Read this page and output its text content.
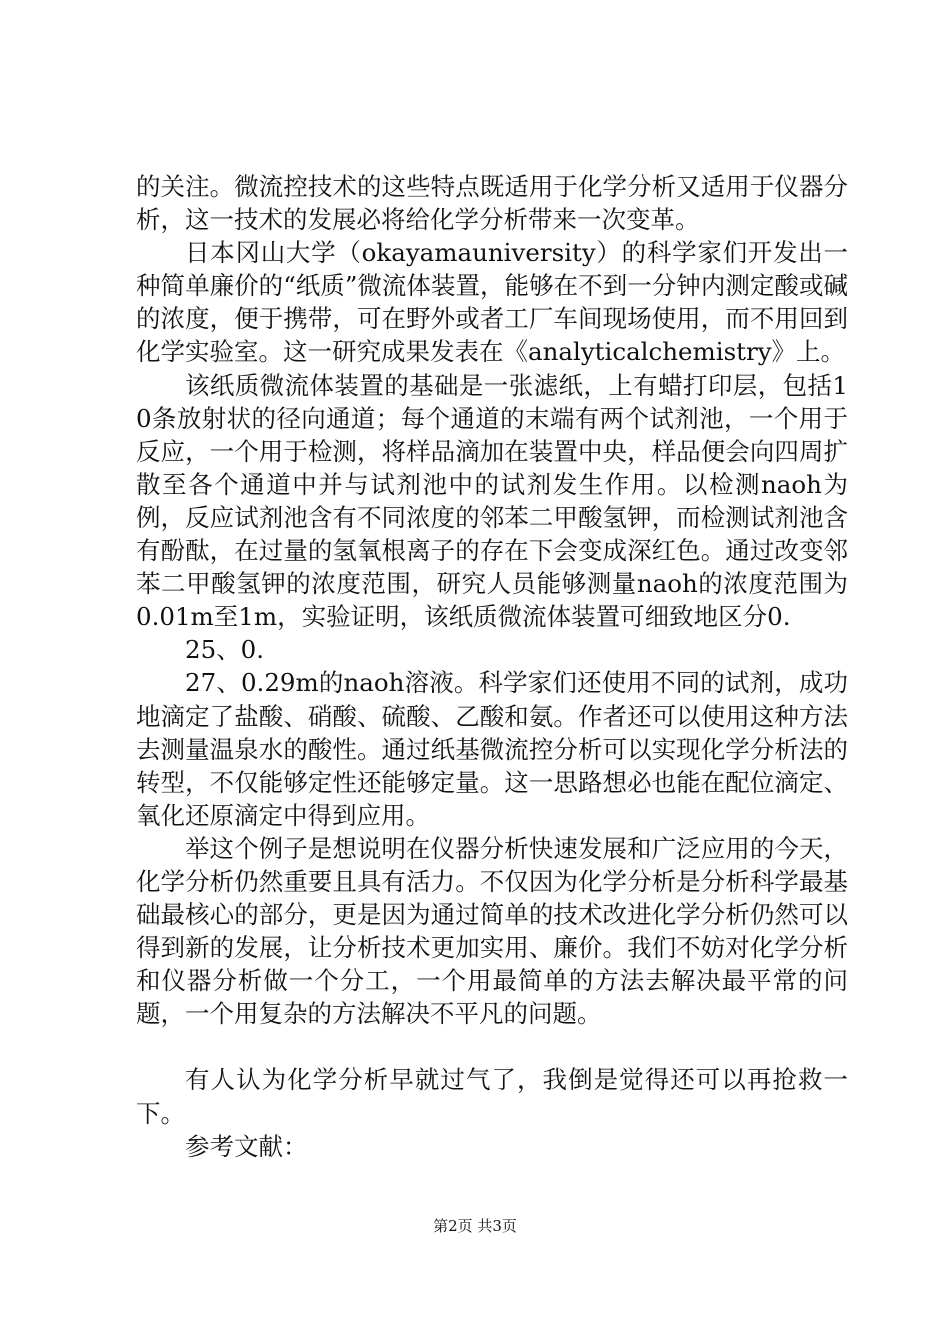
的关注。微流控技术的这些特点既适用于化学分析又适用于仪器分析，这一技术的发展必将给化学分析带来一次变革。

日本冈山大学（okayamauniversity）的科学家们开发出一种简单廉价的“纸质”微流体装置，能够在不到一分钟内测定酸或碱的浓度，便于携带，可在野外或者工厂车间现场使用，而不用回到化学实验室。这一研究成果发表在《analyticalchemistry》上。

该纸质微流体装置的基础是一张滤纸，上有蜡打印层，包括10条放射状的径向通道；每个通道的末端有两个试剂池，一个用于反应，一个用于检测，将样品滴加在装置中央，样品便会向四周扩散至各个通道中并与试剂池中的试剂发生作用。以检测naoh为例，反应试剂池含有不同浓度的邻苯二甲酸氢钾，而检测试剂池含有酚酞，在过量的氢氧根离子的存在下会变成深红色。通过改变邻苯二甲酸氢钾的浓度范围，研究人员能够测量naoh的浓度范围为0.01m至1m，实验证明，该纸质微流体装置可细致地区分0.

25、0.

27、0.29m的naoh溶液。科学家们还使用不同的试剂，成功地滴定了盐酸、硝酸、硫酸、乙酸和氨。作者还可以使用这种方法去测量温泉水的酸性。通过纸基微流控分析可以实现化学分析法的转型，不仅能够定性还能够定量。这一思路想必也能在配位滴定、氧化还原滴定中得到应用。

举这个例子是想说明在仪器分析快速发展和广泛应用的今天，化学分析仍然重要且具有活力。不仅因为化学分析是分析科学最基础最核心的部分，更是因为通过简单的技术改进化学分析仍然可以得到新的发展，让分析技术更加实用、廉价。我们不妨对化学分析和仪器分析做一个分工，一个用最简单的方法去解决最平常的问题，一个用复杂的方法解决不平凡的问题。

有人认为化学分析早就过气了，我倒是觉得还可以再抢救一下。

参考文献：

第2页 共3页
